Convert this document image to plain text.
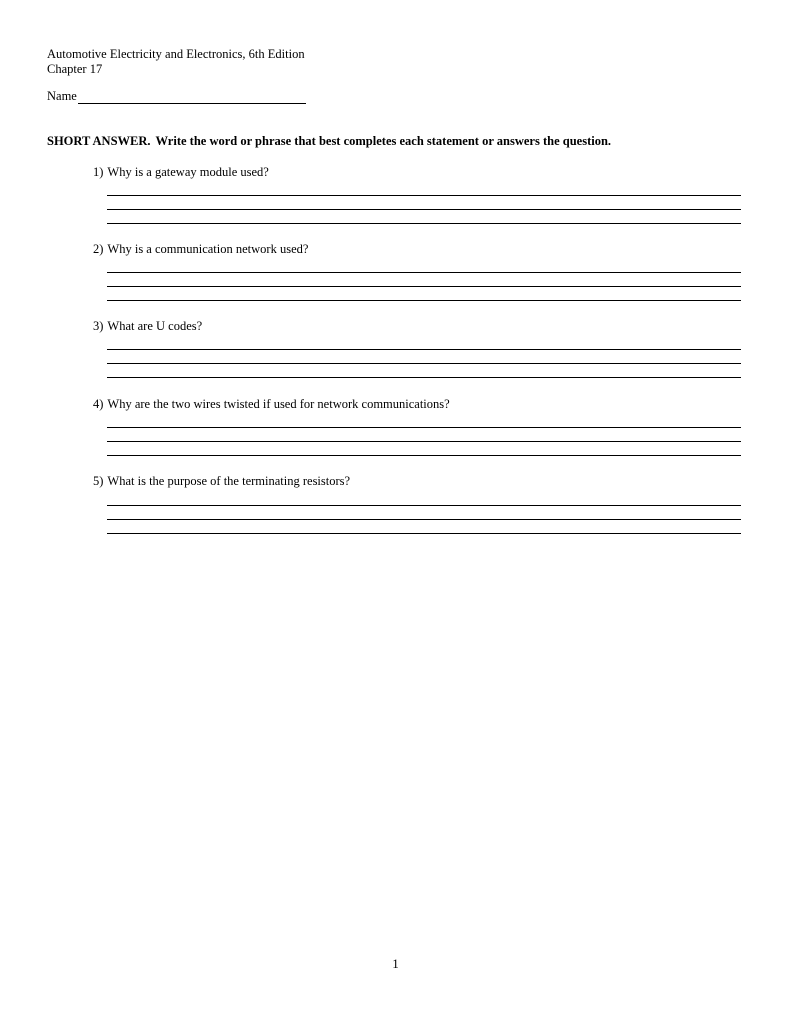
Automotive Electricity and Electronics, 6th Edition
Chapter 17
Name
SHORT ANSWER. Write the word or phrase that best completes each statement or answers the question.
1) Why is a gateway module used?
2) Why is a communication network used?
3) What are U codes?
4) Why are the two wires twisted if used for network communications?
5) What is the purpose of the terminating resistors?
1
